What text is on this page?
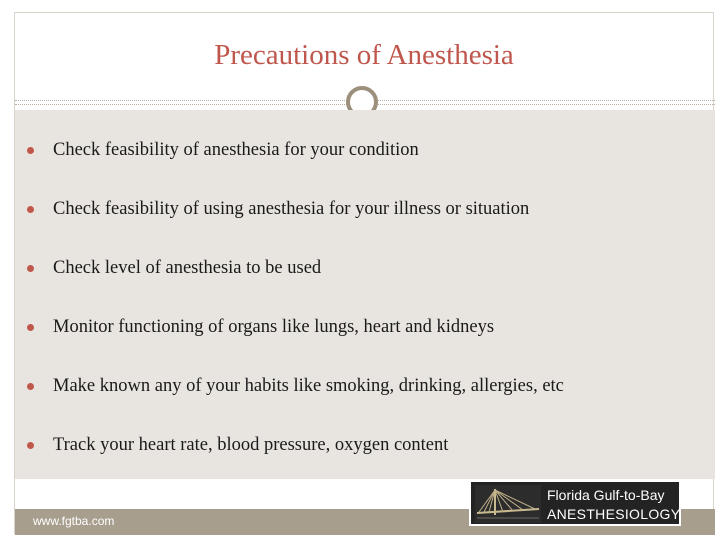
Precautions of Anesthesia
Check feasibility of anesthesia for your condition
Check feasibility of using anesthesia for your illness or situation
Check level of anesthesia to be used
Monitor functioning of organs like lungs, heart and kidneys
Make known any of your habits like smoking, drinking, allergies, etc
Track your heart rate, blood pressure, oxygen content
www.fgtba.com
Florida Gulf-to-Bay
ANESTHESIOLOGY
